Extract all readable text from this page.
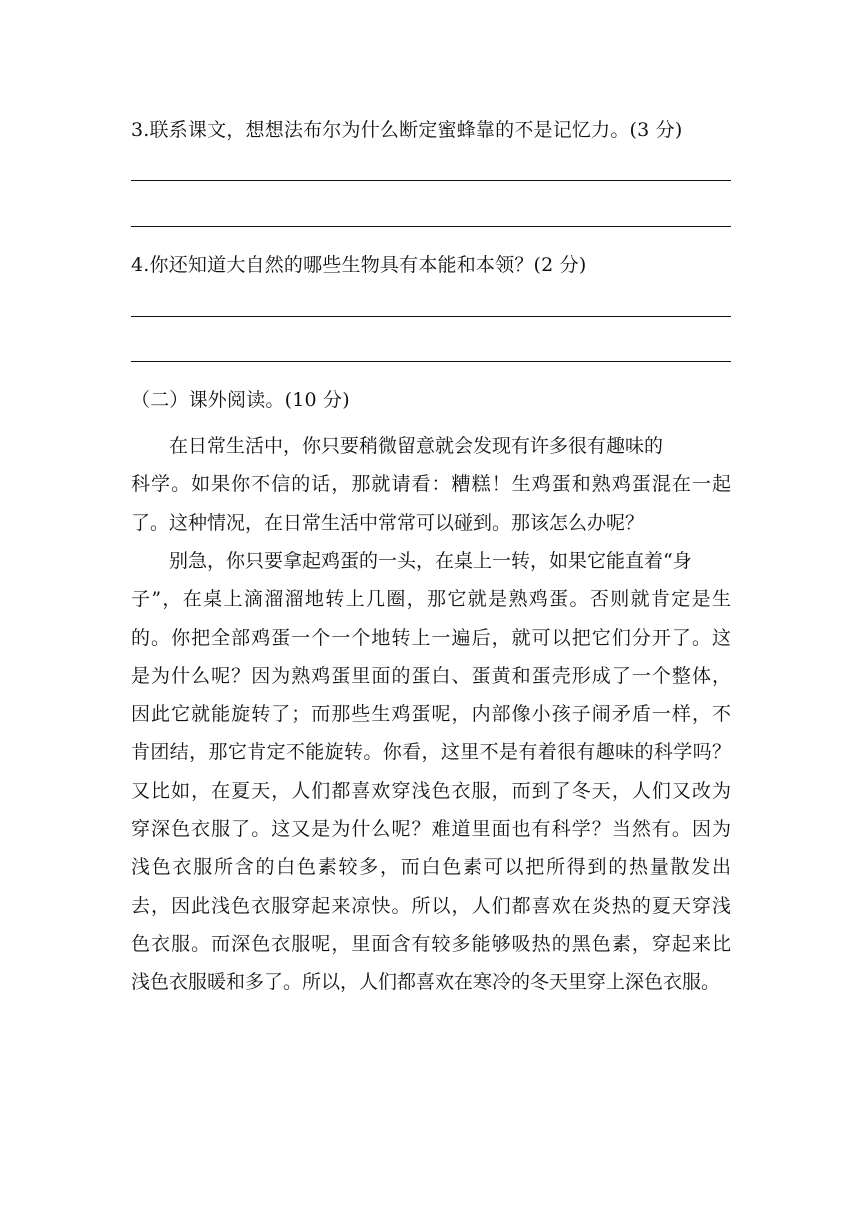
3.联系课文，想想法布尔为什么断定蜜蜂靠的不是记忆力。(3 分)
4.你还知道大自然的哪些生物具有本能和本领？(2 分)
（二）课外阅读。(10 分)
在日常生活中，你只要稍微留意就会发现有许多很有趣味的
科学。如果你不信的话，那就请看：糟糕！生鸡蛋和熟鸡蛋混在一起
了。这种情况，在日常生活中常常可以碰到。那该怎么办呢？
别急，你只要拿起鸡蛋的一头，在桌上一转，如果它能直着“身
子”，在桌上滴溜溜地转上几圈，那它就是熟鸡蛋。否则就肯定是生
的。你把全部鸡蛋一个一个地转上一遍后，就可以把它们分开了。这
是为什么呢？因为熟鸡蛋里面的蛋白、蛋黄和蛋壳形成了一个整体，
因此它就能旋转了；而那些生鸡蛋呢，内部像小孩子闹矛盾一样，不
肯团结，那它肯定不能旋转。你看，这里不是有着很有趣味的科学吗？
又比如，在夏天，人们都喜欢穿浅色衣服，而到了冬天，人们又改为
穿深色衣服了。这又是为什么呢？难道里面也有科学？当然有。因为
浅色衣服所含的白色素较多，而白色素可以把所得到的热量散发出
去，因此浅色衣服穿起来凉快。所以，人们都喜欢在炎热的夏天穿浅
色衣服。而深色衣服呢，里面含有较多能够吸热的黑色素，穿起来比
浅色衣服暖和多了。所以，人们都喜欢在寒冷的冬天里穿上深色衣服。
